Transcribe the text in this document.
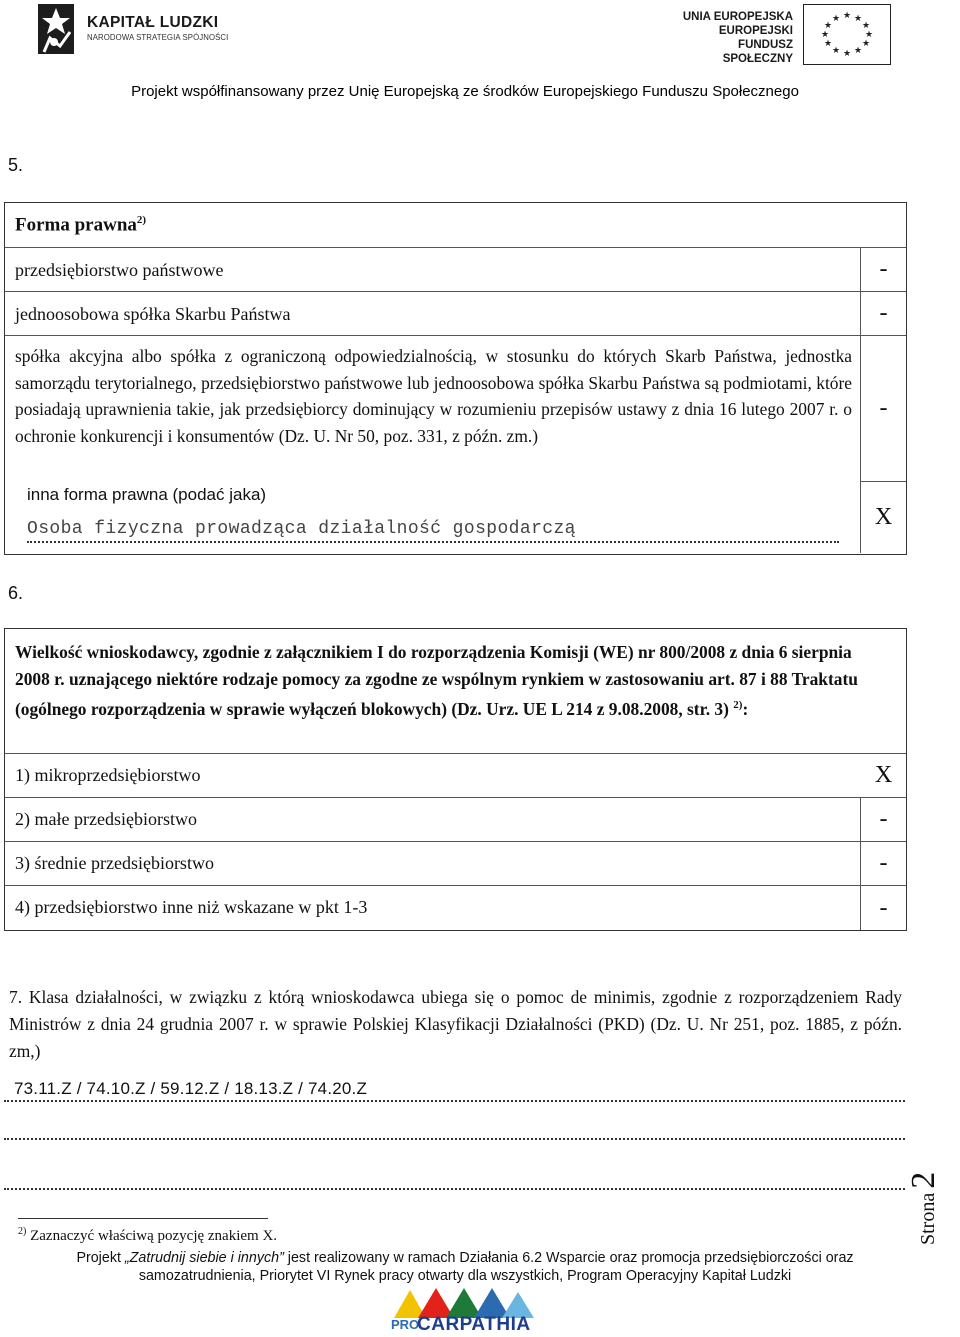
KAPITAŁ LUDZKI
NARODOWA STRATEGIA SPÓJNOŚCI
UNIA EUROPEJSKA
EUROPEJSKI
FUNDUSZ SPOŁECZNY
★ ★
★
★
★
★
★
★
★
★
★
★
Projekt współfinansowany przez Unię Europejską ze środków Europejskiego Funduszu Społecznego
5.
Forma prawna$^{2)}$
przedsiębiorstwo państwowe	-
jednoosobowa spółka Skarbu Państwa	-
spółka akcyjna albo spółka z ograniczoną odpowiedzialnością, w stosunku do których Skarb Państwa, jednostka samorządu terytorialnego, przedsiębiorstwo państwowe lub jednoosobowa spółka Skarbu Państwa są podmiotami, które posiadają uprawnienia takie, jak przedsiębiorcy dominujący w rozumieniu przepisów ustawy z dnia 16 lutego 2007 r. o ochronie konkurencji i konsumentów (Dz. U. Nr 50, poz. 331, z późn. zm.)
-
inna forma prawna (podać jaka)
Osoba fizyczna prowadząca działalność gospodarczą	X
6.
Wielkość wnioskodawcy, zgodnie z załącznikiem I do rozporządzenia Komisji (WE) nr 800/2008 z dnia 6 sierpnia 2008 r. uznającego niektóre rodzaje pomocy za zgodne ze wspólnym rynkiem w zastosowaniu art. 87 i 88 Traktatu (ogólnego rozporządzenia w sprawie wyłączeń blokowych) (Dz. Urz. UE L 214 z 9.08.2008, str. 3) $^{2)}$:
1) mikroprzedsiębiorstwo	X
2) małe przedsiębiorstwo	-
3) średnie przedsiębiorstwo	-
4) przedsiębiorstwo inne niż wskazane w pkt 1-3	-
7. Klasa działalności, w związku z którą wnioskodawca ubiega się o pomoc de minimis, zgodnie z rozporządzeniem Rady Ministrów z dnia 24 grudnia 2007 r. w sprawie Polskiej Klasyfikacji Działalności (PKD) (Dz. U. Nr 251, poz. 1885, z późn. zm,)
73.11.Z / 74.10.Z / 59.12.Z / 18.13.Z / 74.20.Z
Strona2
$^{2)}$ Zaznaczyć właściwą pozycję znakiem X.
Projekt „Zatrudnij siebie i innych” jest realizowany w ramach Działania 6.2 Wsparcie oraz promocja przedsiębiorczości oraz
samozatrudnienia, Priorytet VI Rynek pracy otwarty dla wszystkich, Program Operacyjny Kapitał Ludzki
PRO
CARPATHIA
